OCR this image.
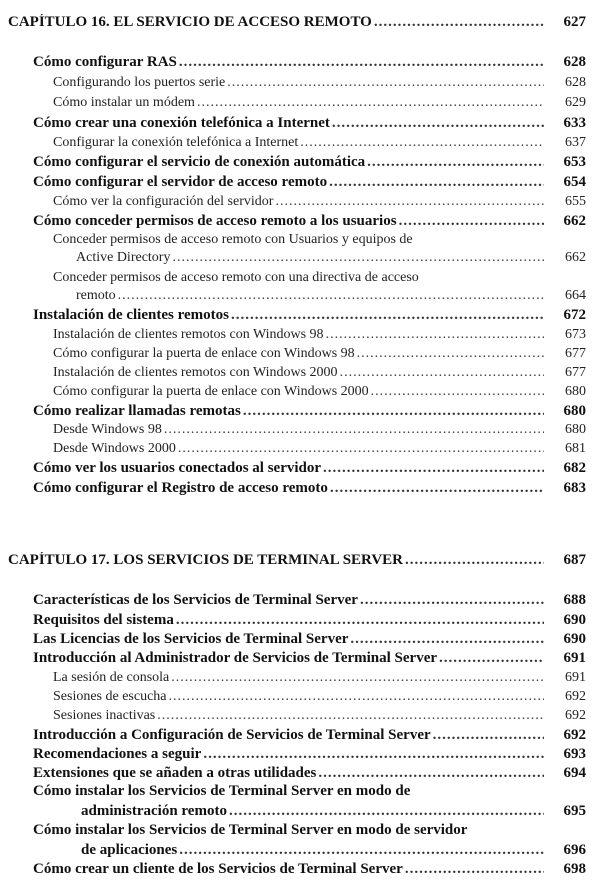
CAPÍTULO 16. EL SERVICIO DE ACCESO REMOTO .....	627
Cómo configurar RAS .....	628
Configurando los puertos serie .....	628
Cómo instalar un módem .....	629
Cómo crear una conexión telefónica a Internet .....	633
Configurar la conexión telefónica a Internet .....	637
Cómo configurar el servicio de conexión automática .....	653
Cómo configurar el servidor de acceso remoto .....	654
Cómo ver la configuración del servidor .....	655
Cómo conceder permisos de acceso remoto a los usuarios .....	662
Conceder permisos de acceso remoto con Usuarios y equipos de
Active Directory .....	662
Conceder permisos de acceso remoto con una directiva de acceso
remoto .....	664
Instalación de clientes remotos .....	672
Instalación de clientes remotos con Windows 98 .....	673
Cómo configurar la puerta de enlace con Windows 98 .....	677
Instalación de clientes remotos con Windows 2000 .....	677
Cómo configurar la puerta de enlace con Windows 2000 .....	680
Cómo realizar llamadas remotas .....	680
Desde Windows 98 .....	680
Desde Windows 2000 .....	681
Cómo ver los usuarios conectados al servidor .....	682
Cómo configurar el Registro de acceso remoto .....	683
CAPÍTULO 17. LOS SERVICIOS DE TERMINAL SERVER .....	687
Características de los Servicios de Terminal Server .....	688
Requisitos del sistema .....	690
Las Licencias de los Servicios de Terminal Server .....	690
Introducción al Administrador de Servicios de Terminal Server .....	691
La sesión de consola .....	691
Sesiones de escucha .....	692
Sesiones inactivas .....	692
Introducción a Configuración de Servicios de Terminal Server .....	692
Recomendaciones a seguir .....	693
Extensiones que se añaden a otras utilidades .....	694
Cómo instalar los Servicios de Terminal Server en modo de
administración remoto .....	695
Cómo instalar los Servicios de Terminal Server en modo de servidor
de aplicaciones .....	696
Cómo crear un cliente de los Servicios de Terminal Server .....	698
